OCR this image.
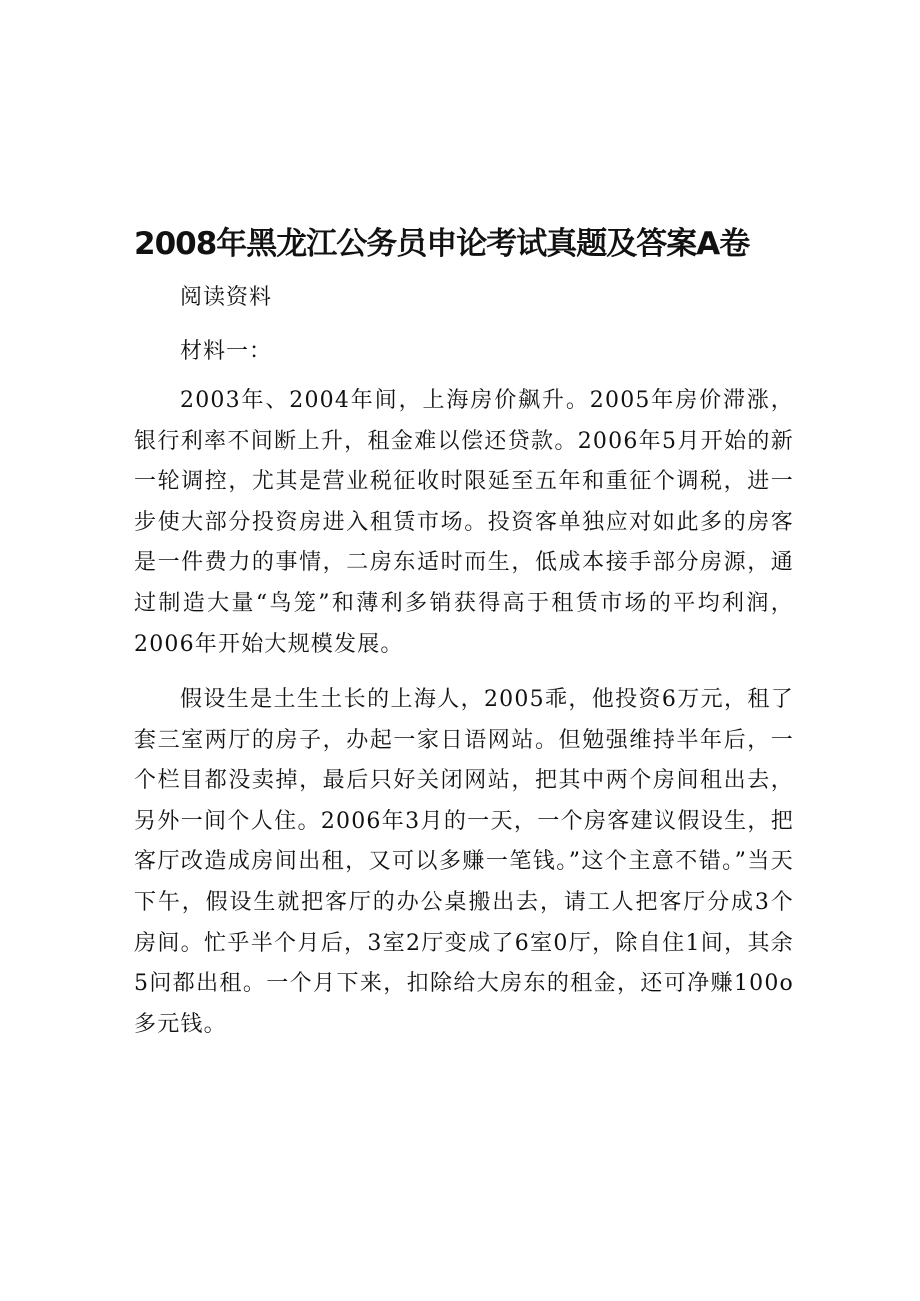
2008年黑龙江公务员申论考试真题及答案A卷

阅读资料

材料一：

2003年、2004年间，上海房价飙升。2005年房价滞涨，银行利率不间断上升，租金难以偿还贷款。2006年5月开始的新一轮调控，尤其是营业税征收时限延至五年和重征个调税，进一步使大部分投资房进入租赁市场。投资客单独应对如此多的房客是一件费力的事情，二房东适时而生，低成本接手部分房源，通过制造大量“鸟笼”和薄利多销获得高于租赁市场的平均利润，2006年开始大规模发展。

假设生是土生土长的上海人，2005乖，他投资6万元，租了套三室两厅的房子，办起一家日语网站。但勉强维持半年后，一个栏目都没卖掉，最后只好关闭网站，把其中两个房间租出去，另外一间个人住。2006年3月的一天，一个房客建议假设生，把客厅改造成房间出租，又可以多赚一笔钱。”这个主意不错。”当天下午，假设生就把客厅的办公桌搬出去，请工人把客厅分成3个房间。忙乎半个月后，3室2厅变成了6室0厅，除自住1间，其余5问都出租。一个月下来，扣除给大房东的租金，还可净赚100o多元钱。
